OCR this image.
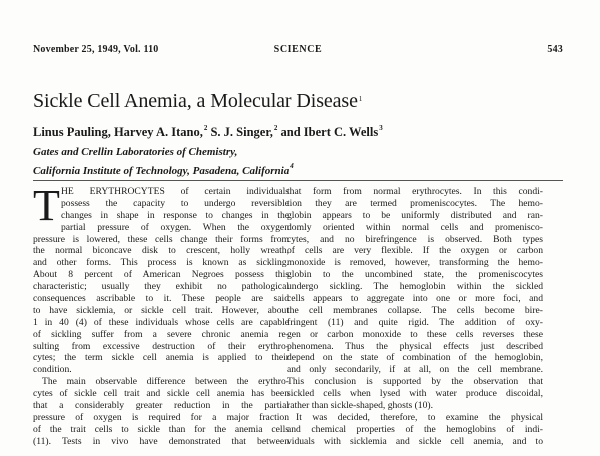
November 25, 1949, Vol. 110	SCIENCE	543
Sickle Cell Anemia, a Molecular Disease$^1$
Linus Pauling, Harvey A. Itano,$^2$ S. J. Singer,$^2$ and Ibert C. Wells$^3$
Gates and Crellin Laboratories of Chemistry,
California Institute of Technology, Pasadena, California$^4$
T HE ERYTHROCYTES of certain individuals
possess the capacity to undergo reversible
changes in shape in response to changes in the
partial pressure of oxygen. When the oxygen
pressure is lowered, these cells change their forms from
the normal biconcave disk to crescent, holly wreath,
and other forms. This process is known as sickling.
About 8 percent of American Negroes possess this
characteristic; usually they exhibit no pathological
consequences ascribable to it. These people are said
to have sicklemia, or sickle cell trait. However, about
1 in 40 (4) of these individuals whose cells are capable
of sickling suffer from a severe chronic anemia re-
sulting from excessive destruction of their erythro-
cytes; the term sickle cell anemia is applied to their
condition.
The main observable difference between the erythro-
cytes of sickle cell trait and sickle cell anemia has been
that a considerably greater reduction in the partial
pressure of oxygen is required for a major fraction
of the trait cells to sickle than for the anemia cells
(11). Tests in vivo have demonstrated that between
that form from normal erythrocytes. In this condi-
tion they are termed promeniscocytes. The hemo-
globin appears to be uniformly distributed and ran-
domly oriented within normal cells and promenisco-
cytes, and no birefringence is observed. Both types
of cells are very flexible. If the oxygen or carbon
monoxide is removed, however, transforming the hemo-
globin to the uncombined state, the promeniscocytes
undergo sickling. The hemoglobin within the sickled
cells appears to aggregate into one or more foci, and
the cell membranes collapse. The cells become bire-
fringent (11) and quite rigid. The addition of oxy-
gen or carbon monoxide to these cells reverses these
phenomena. Thus the physical effects just described
depend on the state of combination of the hemoglobin,
and only secondarily, if at all, on the cell membrane.
This conclusion is supported by the observation that
sickled cells when lysed with water produce discoidal,
rather than sickle-shaped, ghosts (10).
It was decided, therefore, to examine the physical
and chemical properties of the hemoglobins of indi-
viduals with sicklemia and sickle cell anemia, and to
